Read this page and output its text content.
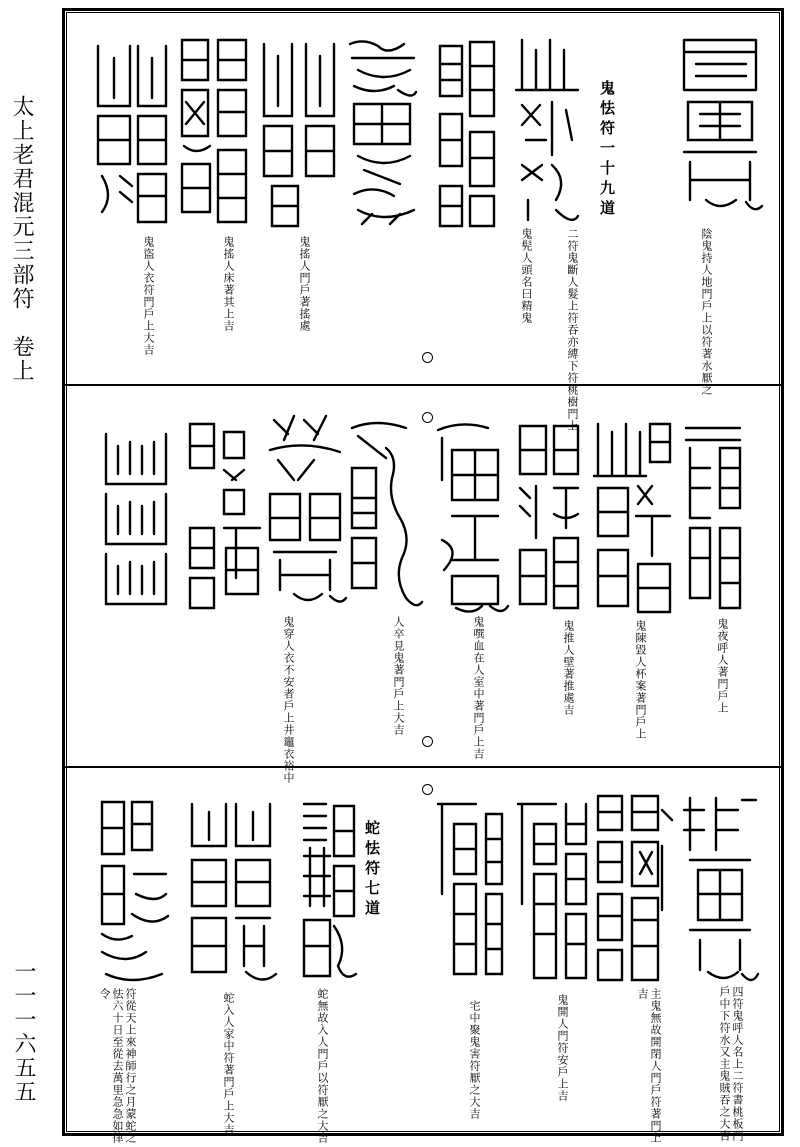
太上老君混元三部符　卷上
一一一六五五
鬼怯符一十九道
陰鬼持人地門戶上以符著水厭之
二符鬼斷人髮上符吞亦縛下符桃樹門上
鬼髡人頭名曰精鬼
鬼搖人門戶著搖處
鬼搖人床著其上吉
鬼盜人衣符門戶上大吉
鬼夜呼人著門戶上
鬼陳毀人杯案著門戶上
鬼推人壁著推處吉
鬼噀血在人室中著門戶上吉
人卒見鬼著門戶上大吉
鬼穿人衣不安者戶上井竈衣裕中
蛇怯符七道
四符鬼呼人名上二符書桃板門戶中下符水又主鬼賊吞之大吉
主鬼無故開閉人門戶符著門上吉
鬼開人門符安戶上吉
宅中聚鬼害符厭之大吉
蛇無故入人門戶以符厭之大吉
蛇入人家中符著門戶上大吉
符從天上來神師行之月蒙蛇之怯六十日至從去萬里急急如律令
